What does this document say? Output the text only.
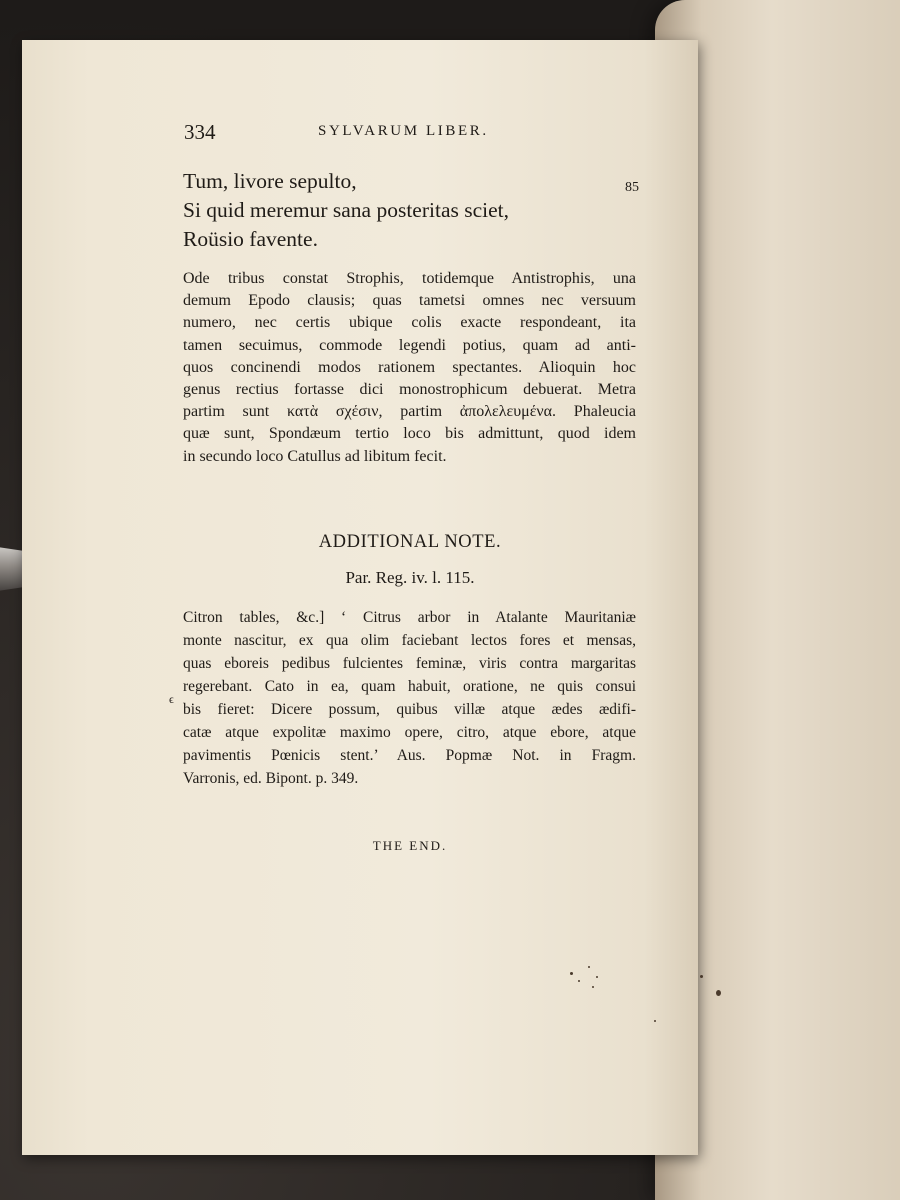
334	SYLVARUM LIBER.
Tum, livore sepulto,
Si quid meremur sana posteritas sciet,
Roüsio favente.
85
Ode tribus constat Strophis, totidemque Antistrophis, una
demum Epodo clausis; quas tametsi omnes nec versuum
numero, nec certis ubique colis exacte respondeant, ita
tamen secuimus, commode legendi potius, quam ad anti-
quos concinendi modos rationem spectantes. Alioquin hoc
genus rectius fortasse dici monostrophicum debuerat. Metra
partim sunt κατὰ σχέσιν, partim ἀπολελευμένα. Phaleucia
quæ sunt, Spondæum tertio loco bis admittunt, quod idem
in secundo loco Catullus ad libitum fecit.
ADDITIONAL NOTE.
Par. Reg. iv. l. 115.
Citron tables, &c.] ‘ Citrus arbor in Atalante Mauritaniæ
monte nascitur, ex qua olim faciebant lectos fores et mensas,
quas eboreis pedibus fulcientes feminæ, viris contra margaritas
regerebant. Cato in ea, quam habuit, oratione, ne quis consui
bis fieret: Dicere possum, quibus villæ atque ædes ædifi-
catæ atque expolitæ maximo opere, citro, atque ebore, atque
pavimentis Pœnicis stent.’ Aus. Popmæ Not. in Fragm.
Varronis, ed. Bipont. p. 349.
ϵ
THE END.
